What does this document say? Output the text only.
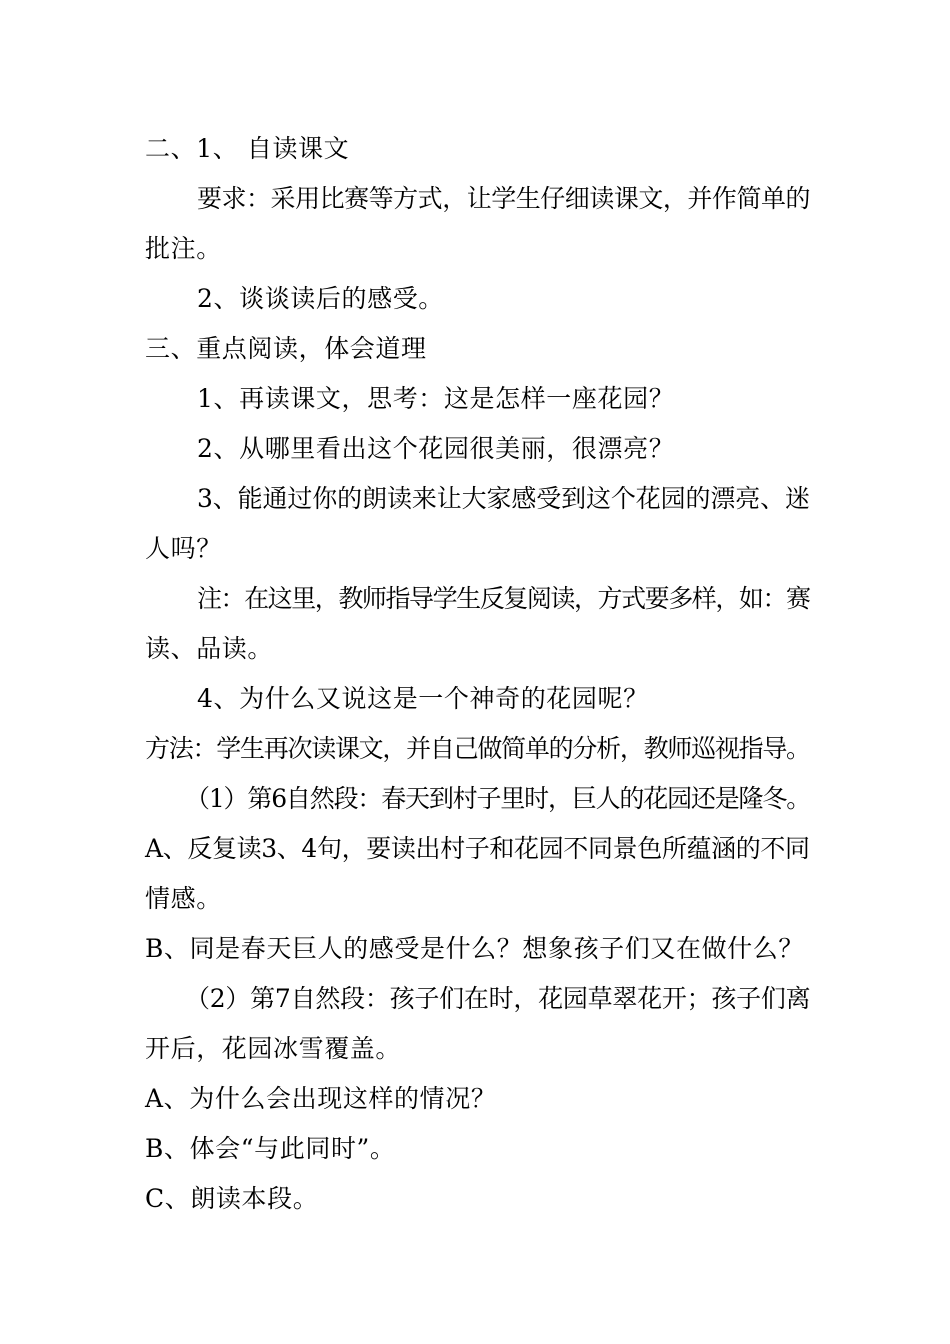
二、1、 自读课文
要求：采用比赛等方式，让学生仔细读课文，并作简单的
批注。
2、谈谈读后的感受。
三、重点阅读，体会道理
1、再读课文，思考：这是怎样一座花园？
2、从哪里看出这个花园很美丽，很漂亮？
3、能通过你的朗读来让大家感受到这个花园的漂亮、迷
人吗？
注：在这里，教师指导学生反复阅读，方式要多样，如：赛
读、品读。
4、为什么又说这是一个神奇的花园呢？
方法：学生再次读课文，并自己做简单的分析，教师巡视指导。
（1）第6自然段：春天到村子里时，巨人的花园还是隆冬。
A、反复读3、4句，要读出村子和花园不同景色所蕴涵的不同
情感。
B、同是春天巨人的感受是什么？想象孩子们又在做什么？
（2）第7自然段：孩子们在时，花园草翠花开；孩子们离
开后，花园冰雪覆盖。
A、为什么会出现这样的情况？
B、体会“与此同时”。
C、朗读本段。
